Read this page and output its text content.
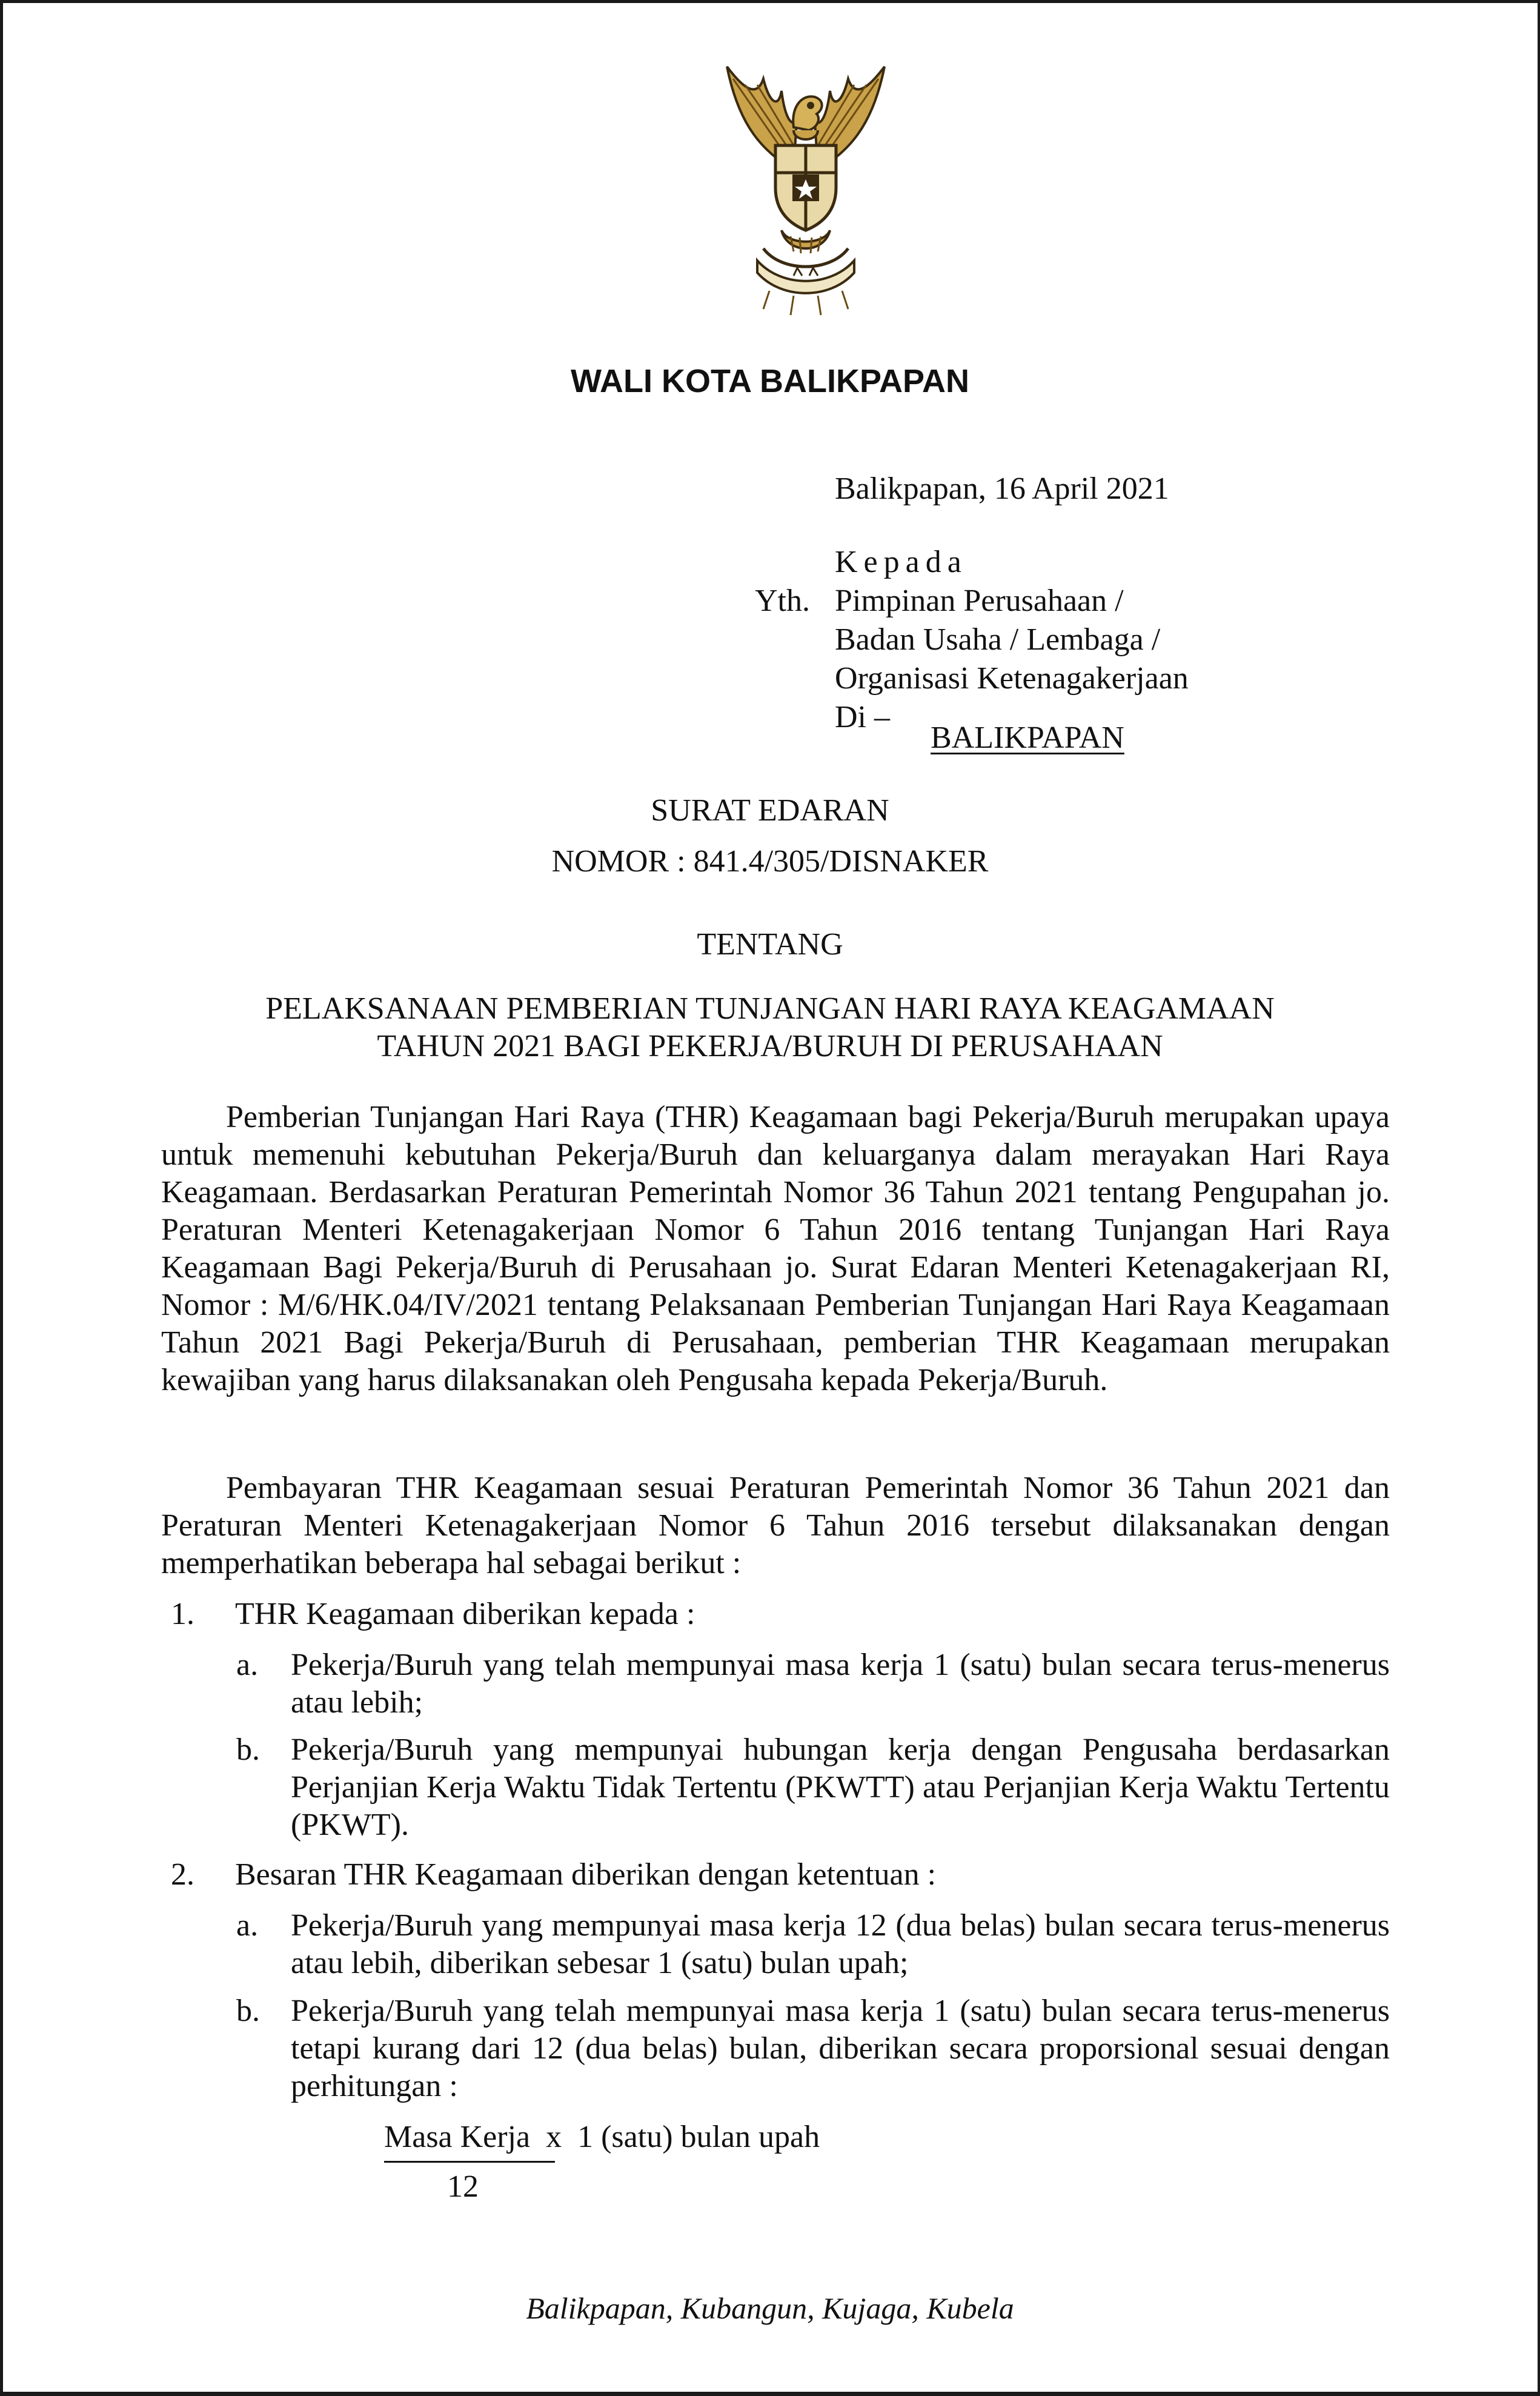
WALI KOTA BALIKPAPAN
Balikpapan, 16 April 2021
Kepada
Yth. Pimpinan Perusahaan /
Badan Usaha / Lembaga /
Organisasi Ketenagakerjaan
Di –
BALIKPAPAN
SURAT EDARAN
NOMOR : 841.4/305/DISNAKER
TENTANG
PELAKSANAAN PEMBERIAN TUNJANGAN HARI RAYA KEAGAMAAN
TAHUN 2021 BAGI PEKERJA/BURUH DI PERUSAHAAN

Pemberian Tunjangan Hari Raya (THR) Keagamaan bagi Pekerja/Buruh merupakan upaya untuk memenuhi kebutuhan Pekerja/Buruh dan keluarganya dalam merayakan Hari Raya Keagamaan. Berdasarkan Peraturan Pemerintah Nomor 36 Tahun 2021 tentang Pengupahan jo. Peraturan Menteri Ketenagakerjaan Nomor 6 Tahun 2016 tentang Tunjangan Hari Raya Keagamaan Bagi Pekerja/Buruh di Perusahaan jo. Surat Edaran Menteri Ketenagakerjaan RI, Nomor : M/6/HK.04/IV/2021 tentang Pelaksanaan Pemberian Tunjangan Hari Raya Keagamaan Tahun 2021 Bagi Pekerja/Buruh di Perusahaan, pemberian THR Keagamaan merupakan kewajiban yang harus dilaksanakan oleh Pengusaha kepada Pekerja/Buruh.

Pembayaran THR Keagamaan sesuai Peraturan Pemerintah Nomor 36 Tahun 2021 dan Peraturan Menteri Ketenagakerjaan Nomor 6 Tahun 2016 tersebut dilaksanakan dengan memperhatikan beberapa hal sebagai berikut :

1. THR Keagamaan diberikan kepada :
a. Pekerja/Buruh yang telah mempunyai masa kerja 1 (satu) bulan secara terus-menerus atau lebih;
b. Pekerja/Buruh yang mempunyai hubungan kerja dengan Pengusaha berdasarkan Perjanjian Kerja Waktu Tidak Tertentu (PKWTT) atau Perjanjian Kerja Waktu Tertentu (PKWT).
2. Besaran THR Keagamaan diberikan dengan ketentuan :
a. Pekerja/Buruh yang mempunyai masa kerja 12 (dua belas) bulan secara terus-menerus atau lebih, diberikan sebesar 1 (satu) bulan upah;
b. Pekerja/Buruh yang telah mempunyai masa kerja 1 (satu) bulan secara terus-menerus tetapi kurang dari 12 (dua belas) bulan, diberikan secara proporsional sesuai dengan perhitungan :
Masa Kerja x 1 (satu) bulan upah
12
Balikpapan, Kubangun, Kujaga, Kubela
